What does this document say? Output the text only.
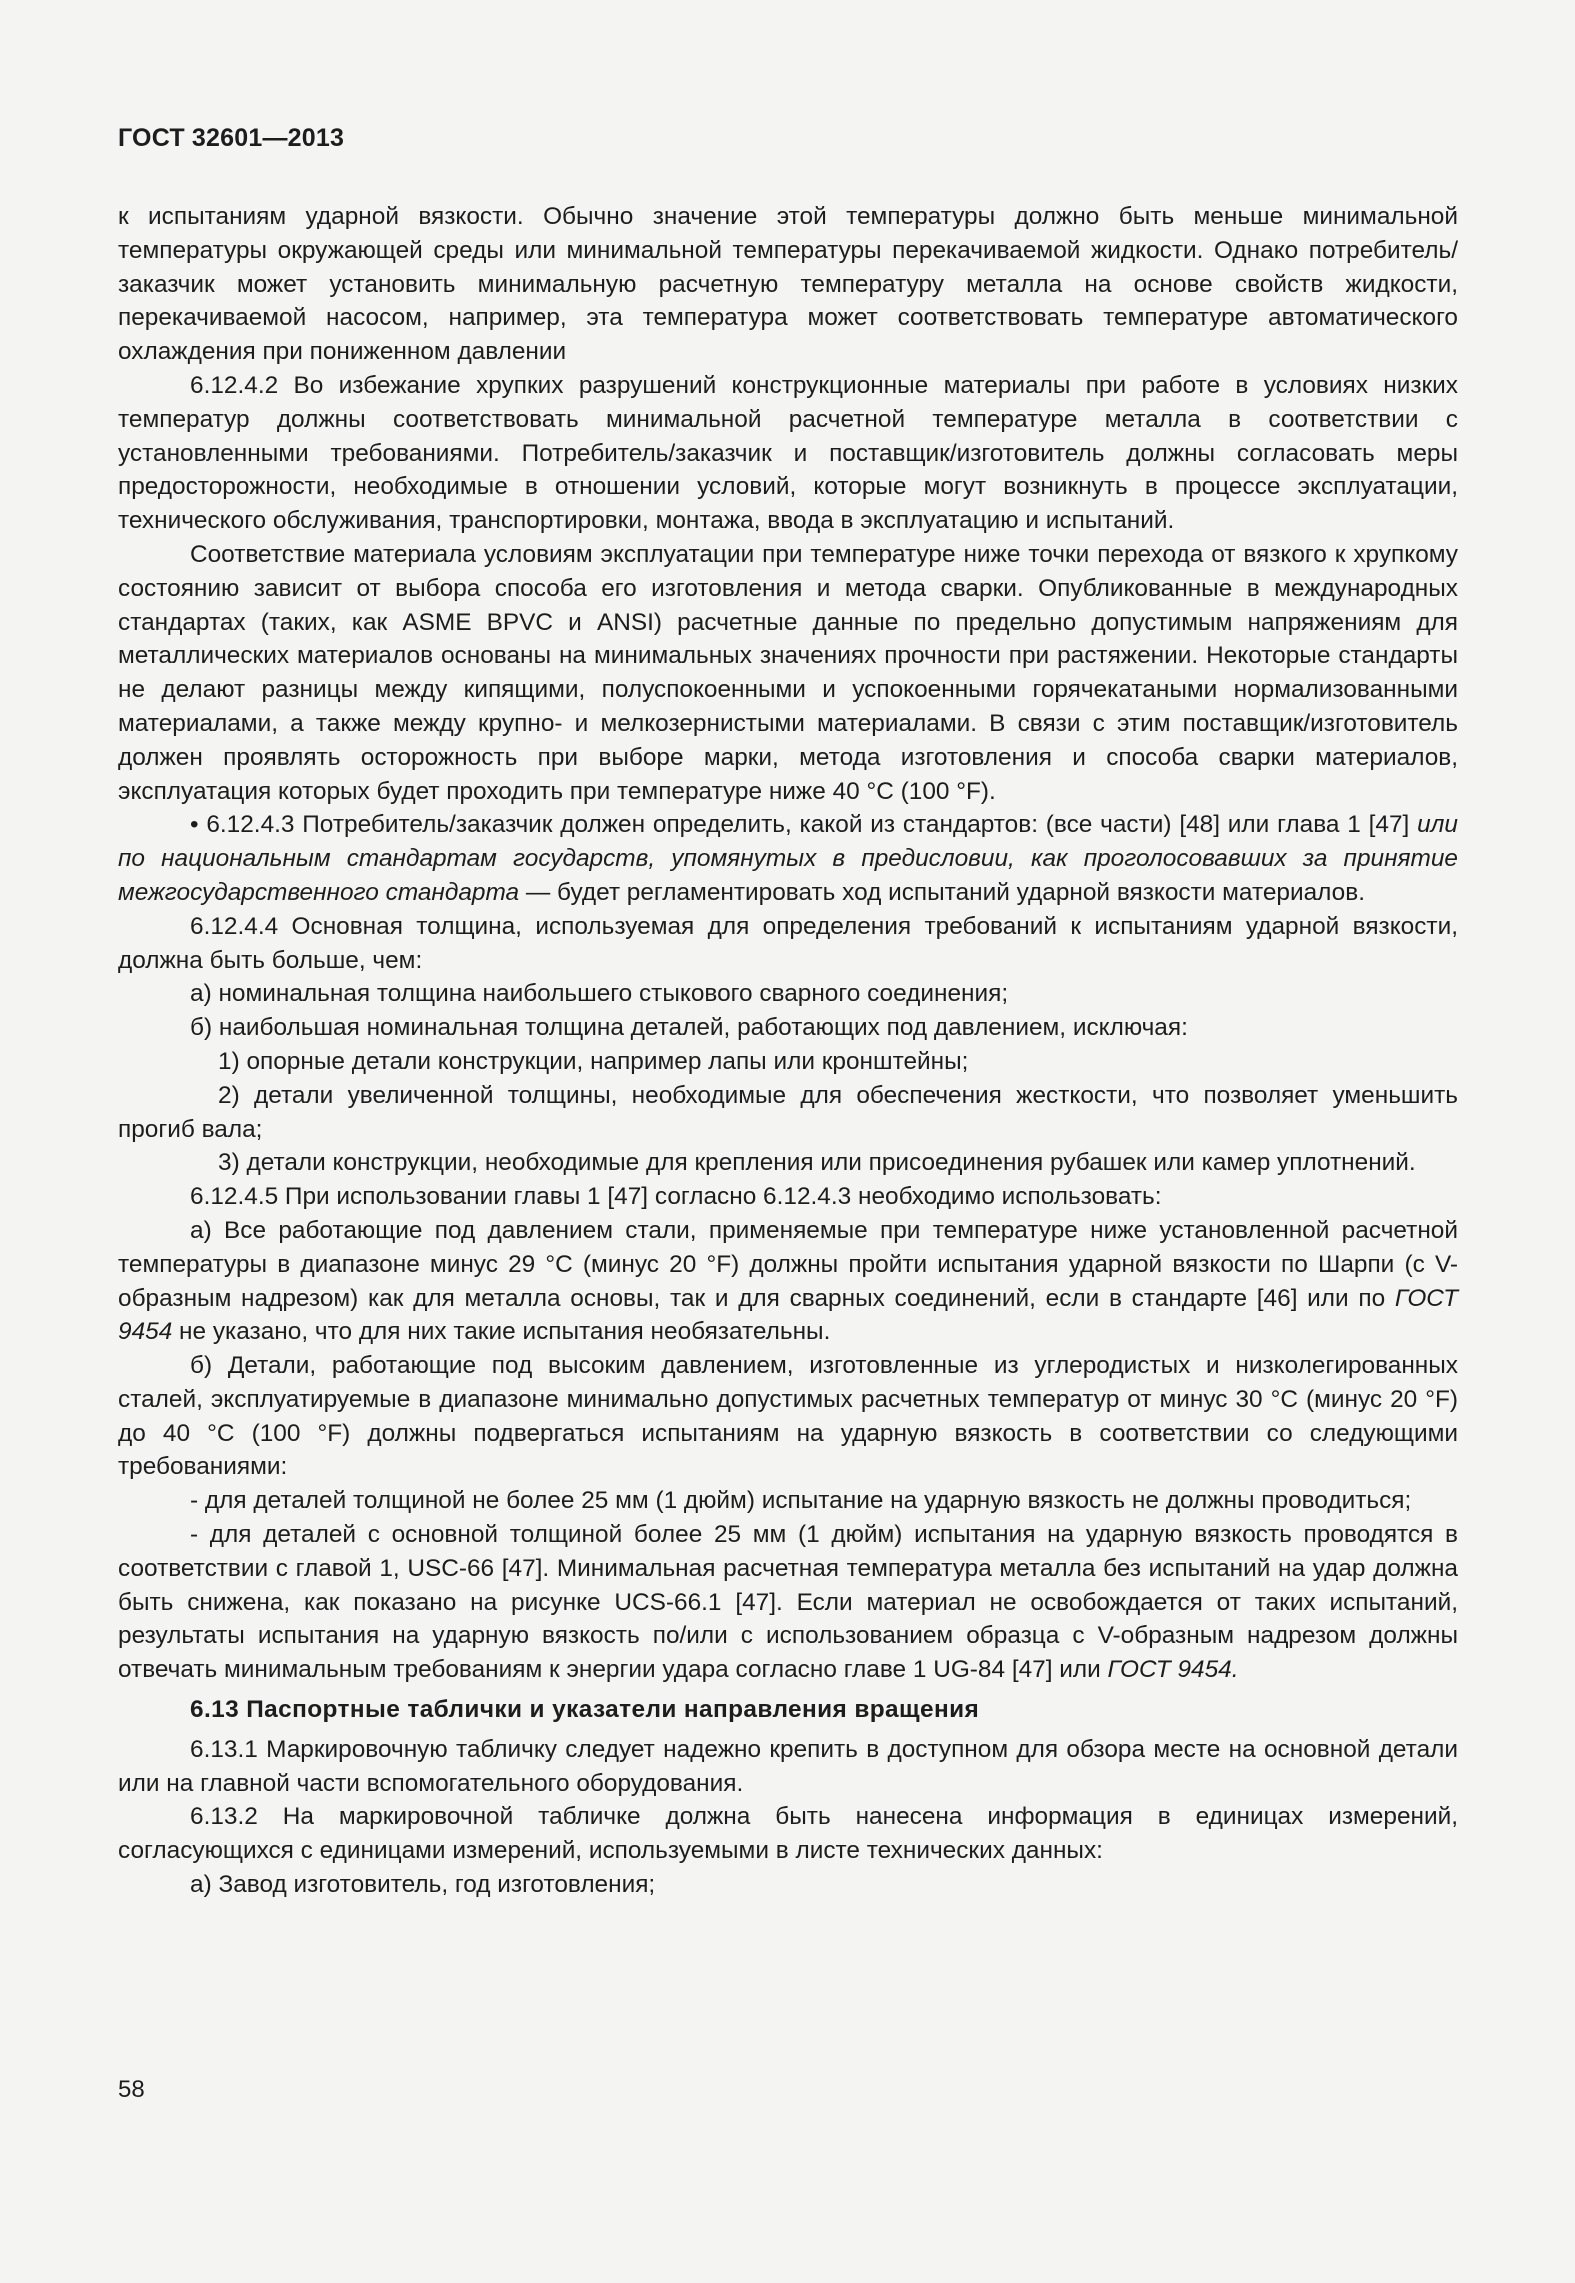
ГОСТ 32601—2013

к испытаниям ударной вязкости. Обычно значение этой температуры должно быть меньше минимальной температуры окружающей среды или минимальной температуры перекачиваемой жидкости. Однако потребитель/заказчик может установить минимальную расчетную температуру металла на основе свойств жидкости, перекачиваемой насосом, например, эта температура может соответствовать температуре автоматического охлаждения при пониженном давлении

6.12.4.2 Во избежание хрупких разрушений конструкционные материалы при работе в условиях низких температур должны соответствовать минимальной расчетной температуре металла в соответствии с установленными требованиями. Потребитель/заказчик и поставщик/изготовитель должны согласовать меры предосторожности, необходимые в отношении условий, которые могут возникнуть в процессе эксплуатации, технического обслуживания, транспортировки, монтажа, ввода в эксплуатацию и испытаний.

Соответствие материала условиям эксплуатации при температуре ниже точки перехода от вязкого к хрупкому состоянию зависит от выбора способа его изготовления и метода сварки. Опубликованные в международных стандартах (таких, как ASME BPVC и ANSI) расчетные данные по предельно допустимым напряжениям для металлических материалов основаны на минимальных значениях прочности при растяжении. Некоторые стандарты не делают разницы между кипящими, полуспокоенными и успокоенными горячекатаными нормализованными материалами, а также между крупно- и мелкозернистыми материалами. В связи с этим поставщик/изготовитель должен проявлять осторожность при выборе марки, метода изготовления и способа сварки материалов, эксплуатация которых будет проходить при температуре ниже 40 °C (100 °F).

• 6.12.4.3 Потребитель/заказчик должен определить, какой из стандартов: (все части) [48] или глава 1 [47] или по национальным стандартам государств, упомянутых в предисловии, как проголосовавших за принятие межгосударственного стандарта — будет регламентировать ход испытаний ударной вязкости материалов.

6.12.4.4 Основная толщина, используемая для определения требований к испытаниям ударной вязкости, должна быть больше, чем:

а) номинальная толщина наибольшего стыкового сварного соединения;

б) наибольшая номинальная толщина деталей, работающих под давлением, исключая:

1) опорные детали конструкции, например лапы или кронштейны;

2) детали увеличенной толщины, необходимые для обеспечения жесткости, что позволяет уменьшить прогиб вала;

3) детали конструкции, необходимые для крепления или присоединения рубашек или камер уплотнений.

6.12.4.5 При использовании главы 1 [47] согласно 6.12.4.3 необходимо использовать:

а) Все работающие под давлением стали, применяемые при температуре ниже установленной расчетной температуры в диапазоне минус 29 °C (минус 20 °F) должны пройти испытания ударной вязкости по Шарпи (с V-образным надрезом) как для металла основы, так и для сварных соединений, если в стандарте [46] или по ГОСТ 9454 не указано, что для них такие испытания необязательны.

б) Детали, работающие под высоким давлением, изготовленные из углеродистых и низколегированных сталей, эксплуатируемые в диапазоне минимально допустимых расчетных температур от минус 30 °C (минус 20 °F) до 40 °C (100 °F) должны подвергаться испытаниям на ударную вязкость в соответствии со следующими требованиями:

- для деталей толщиной не более 25 мм (1 дюйм) испытание на ударную вязкость не должны проводиться;

- для деталей с основной толщиной более 25 мм (1 дюйм) испытания на ударную вязкость проводятся в соответствии с главой 1, USC-66 [47]. Минимальная расчетная температура металла без испытаний на удар должна быть снижена, как показано на рисунке UCS-66.1 [47]. Если материал не освобождается от таких испытаний, результаты испытания на ударную вязкость по/или с использованием образца с V-образным надрезом должны отвечать минимальным требованиям к энергии удара согласно главе 1 UG-84 [47] или ГОСТ 9454.

6.13 Паспортные таблички и указатели направления вращения

6.13.1 Маркировочную табличку следует надежно крепить в доступном для обзора месте на основной детали или на главной части вспомогательного оборудования.

6.13.2 На маркировочной табличке должна быть нанесена информация в единицах измерений, согласующихся с единицами измерений, используемыми в листе технических данных:

а) Завод изготовитель, год изготовления;

58
